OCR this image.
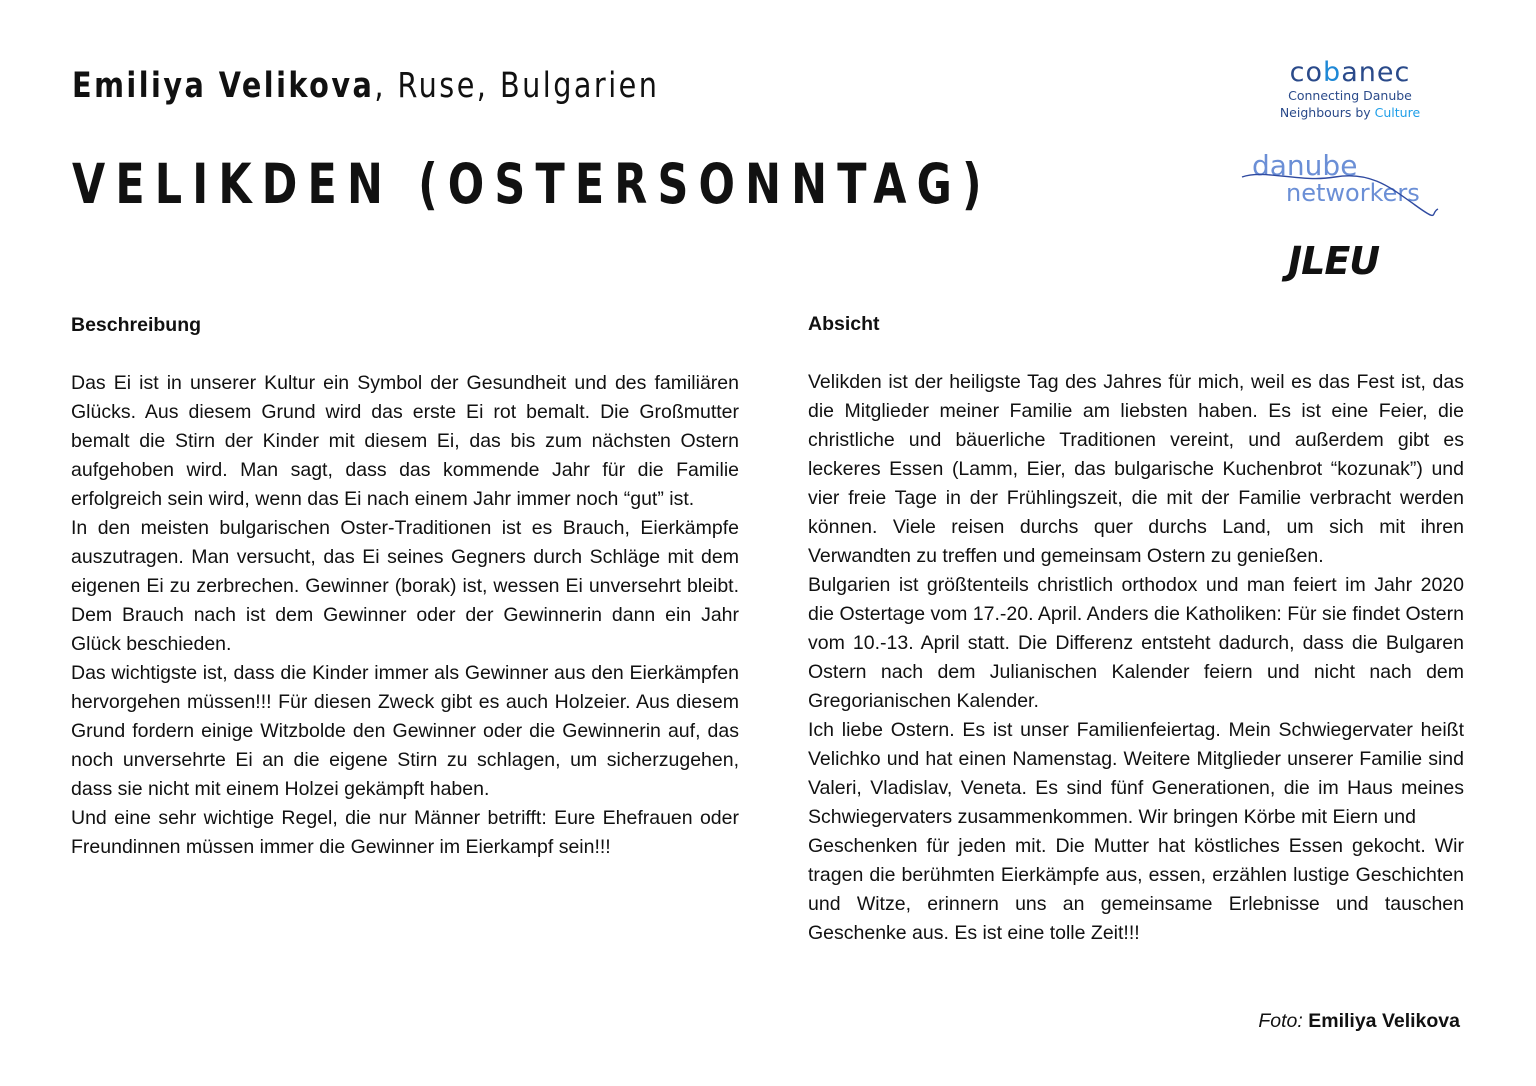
Emiliya Velikova, Ruse, Bulgarien
VELIKDEN (OSTERSONNTAG)
cobanec
Connecting Danube
Neighbours by Culture
danube
networkers
JLEU

Beschreibung

Das Ei ist in unserer Kultur ein Symbol der Gesundheit und des familiären Glücks. Aus diesem Grund wird das erste Ei rot bemalt. Die Großmutter bemalt die Stirn der Kinder mit diesem Ei, das bis zum nächsten Ostern aufgehoben wird. Man sagt, dass das kommende Jahr für die Familie erfolgreich sein wird, wenn das Ei nach einem Jahr immer noch “gut” ist.

In den meisten bulgarischen Oster-Traditionen ist es Brauch, Eierkämpfe auszutragen. Man versucht, das Ei seines Gegners durch Schläge mit dem eigenen Ei zu zerbrechen. Gewinner (borak) ist, wessen Ei unversehrt bleibt. Dem Brauch nach ist dem Gewinner oder der Gewinnerin dann ein Jahr Glück beschieden.

Das wichtigste ist, dass die Kinder immer als Gewinner aus den Eierkämpfen hervorgehen müssen!!! Für diesen Zweck gibt es auch Holzeier. Aus diesem Grund fordern einige Witzbolde den Gewinner oder die Gewinnerin auf, das noch unversehrte Ei an die eigene Stirn zu schlagen, um sicherzugehen, dass sie nicht mit einem Holzei gekämpft haben.

Und eine sehr wichtige Regel, die nur Männer betrifft: Eure Ehefrauen oder Freundinnen müssen immer die Gewinner im Eierkampf sein!!!

Absicht

Velikden ist der heiligste Tag des Jahres für mich, weil es das Fest ist, das die Mitglieder meiner Familie am liebsten haben. Es ist eine Feier, die christliche und bäuerliche Traditionen vereint, und außerdem gibt es leckeres Essen (Lamm, Eier, das bulgarische Kuchenbrot “kozunak”) und vier freie Tage in der Frühlingszeit, die mit der Familie verbracht werden können. Viele reisen durchs quer durchs Land, um sich mit ihren Verwandten zu treffen und gemeinsam Ostern zu genießen.

Bulgarien ist größtenteils christlich orthodox und man feiert im Jahr 2020 die Ostertage vom 17.-20. April. Anders die Katholiken: Für sie findet Ostern vom 10.-13. April statt. Die Differenz entsteht dadurch, dass die Bulgaren Ostern nach dem Julianischen Kalender feiern und nicht nach dem Gregorianischen Kalender.

Ich liebe Ostern. Es ist unser Familienfeiertag. Mein Schwiegervater heißt Velichko und hat einen Namenstag. Weitere Mitglieder unserer Familie sind Valeri, Vladislav, Veneta. Es sind fünf Generationen, die im Haus meines Schwiegervaters zusammenkommen. Wir bringen Körbe mit Eiern und

Geschenken für jeden mit. Die Mutter hat köstliches Essen gekocht. Wir tragen die berühmten Eierkämpfe aus, essen, erzählen lustige Geschichten und Witze, erinnern uns an gemeinsame Erlebnisse und tauschen Geschenke aus. Es ist eine tolle Zeit!!!

Foto: Emiliya Velikova
